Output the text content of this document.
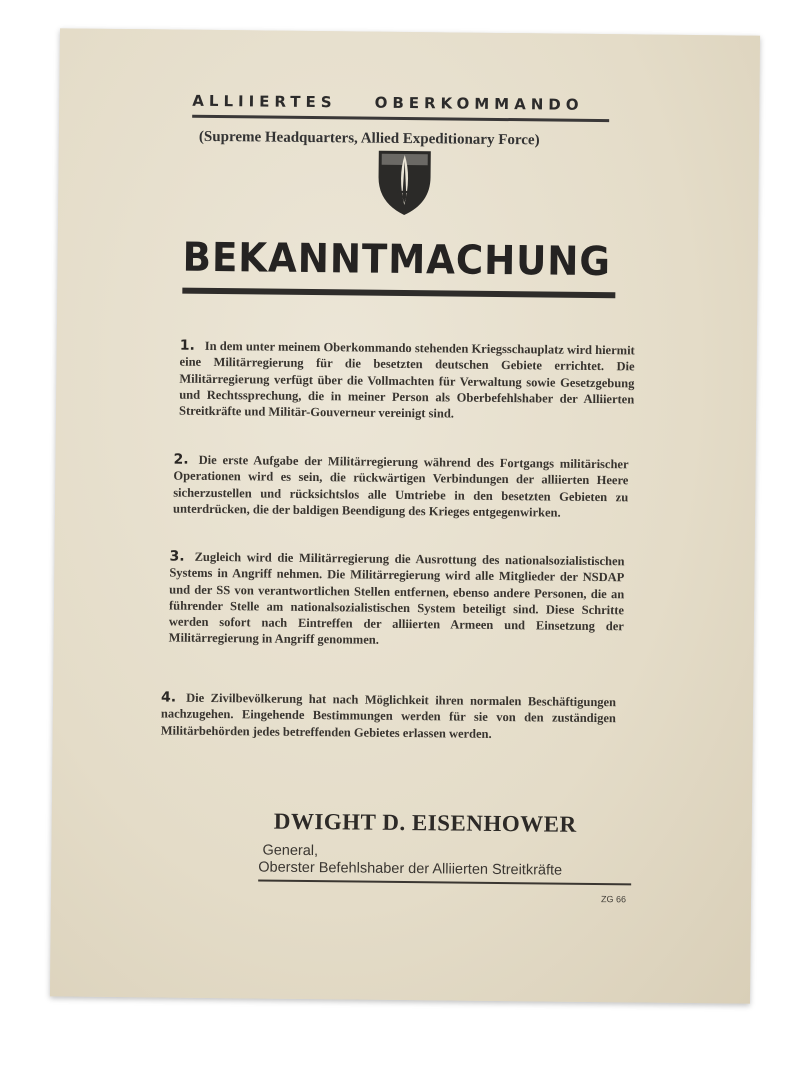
ALLIIERTES	OBERKOMMANDO
(Supreme Headquarters, Allied Expeditionary Force)
BEKANNTMACHUNG
1. In dem unter meinem Oberkommando stehenden Kriegsschauplatz wird hiermit eine Militärregierung für die besetzten deutschen Gebiete errichtet. Die Militärregierung verfügt über die Vollmachten für Verwaltung sowie Gesetzgebung und Rechtssprechung, die in meiner Person als Oberbefehlshaber der Alliierten Streitkräfte und Militär-Gouverneur vereinigt sind.
2. Die erste Aufgabe der Militärregierung während des Fortgangs militärischer Operationen wird es sein, die rückwärtigen Verbindungen der alliierten Heere sicherzustellen und rücksichtslos alle Umtriebe in den besetzten Gebieten zu unterdrücken, die der baldigen Beendigung des Krieges entgegenwirken.
3. Zugleich wird die Militärregierung die Ausrottung des nationalsozialistischen Systems in Angriff nehmen. Die Militärregierung wird alle Mitglieder der NSDAP und der SS von verantwortlichen Stellen entfernen, ebenso andere Personen, die an führender Stelle am nationalsozialistischen System beteiligt sind. Diese Schritte werden sofort nach Eintreffen der alliierten Armeen und Einsetzung der Militärregierung in Angriff genommen.
4. Die Zivilbevölkerung hat nach Möglichkeit ihren normalen Beschäftigungen nachzugehen. Eingehende Bestimmungen werden für sie von den zuständigen Militärbehörden jedes betreffenden Gebietes erlassen werden.
DWIGHT D. EISENHOWER
General,
Oberster Befehlshaber der Alliierten Streitkräfte
ZG 66
